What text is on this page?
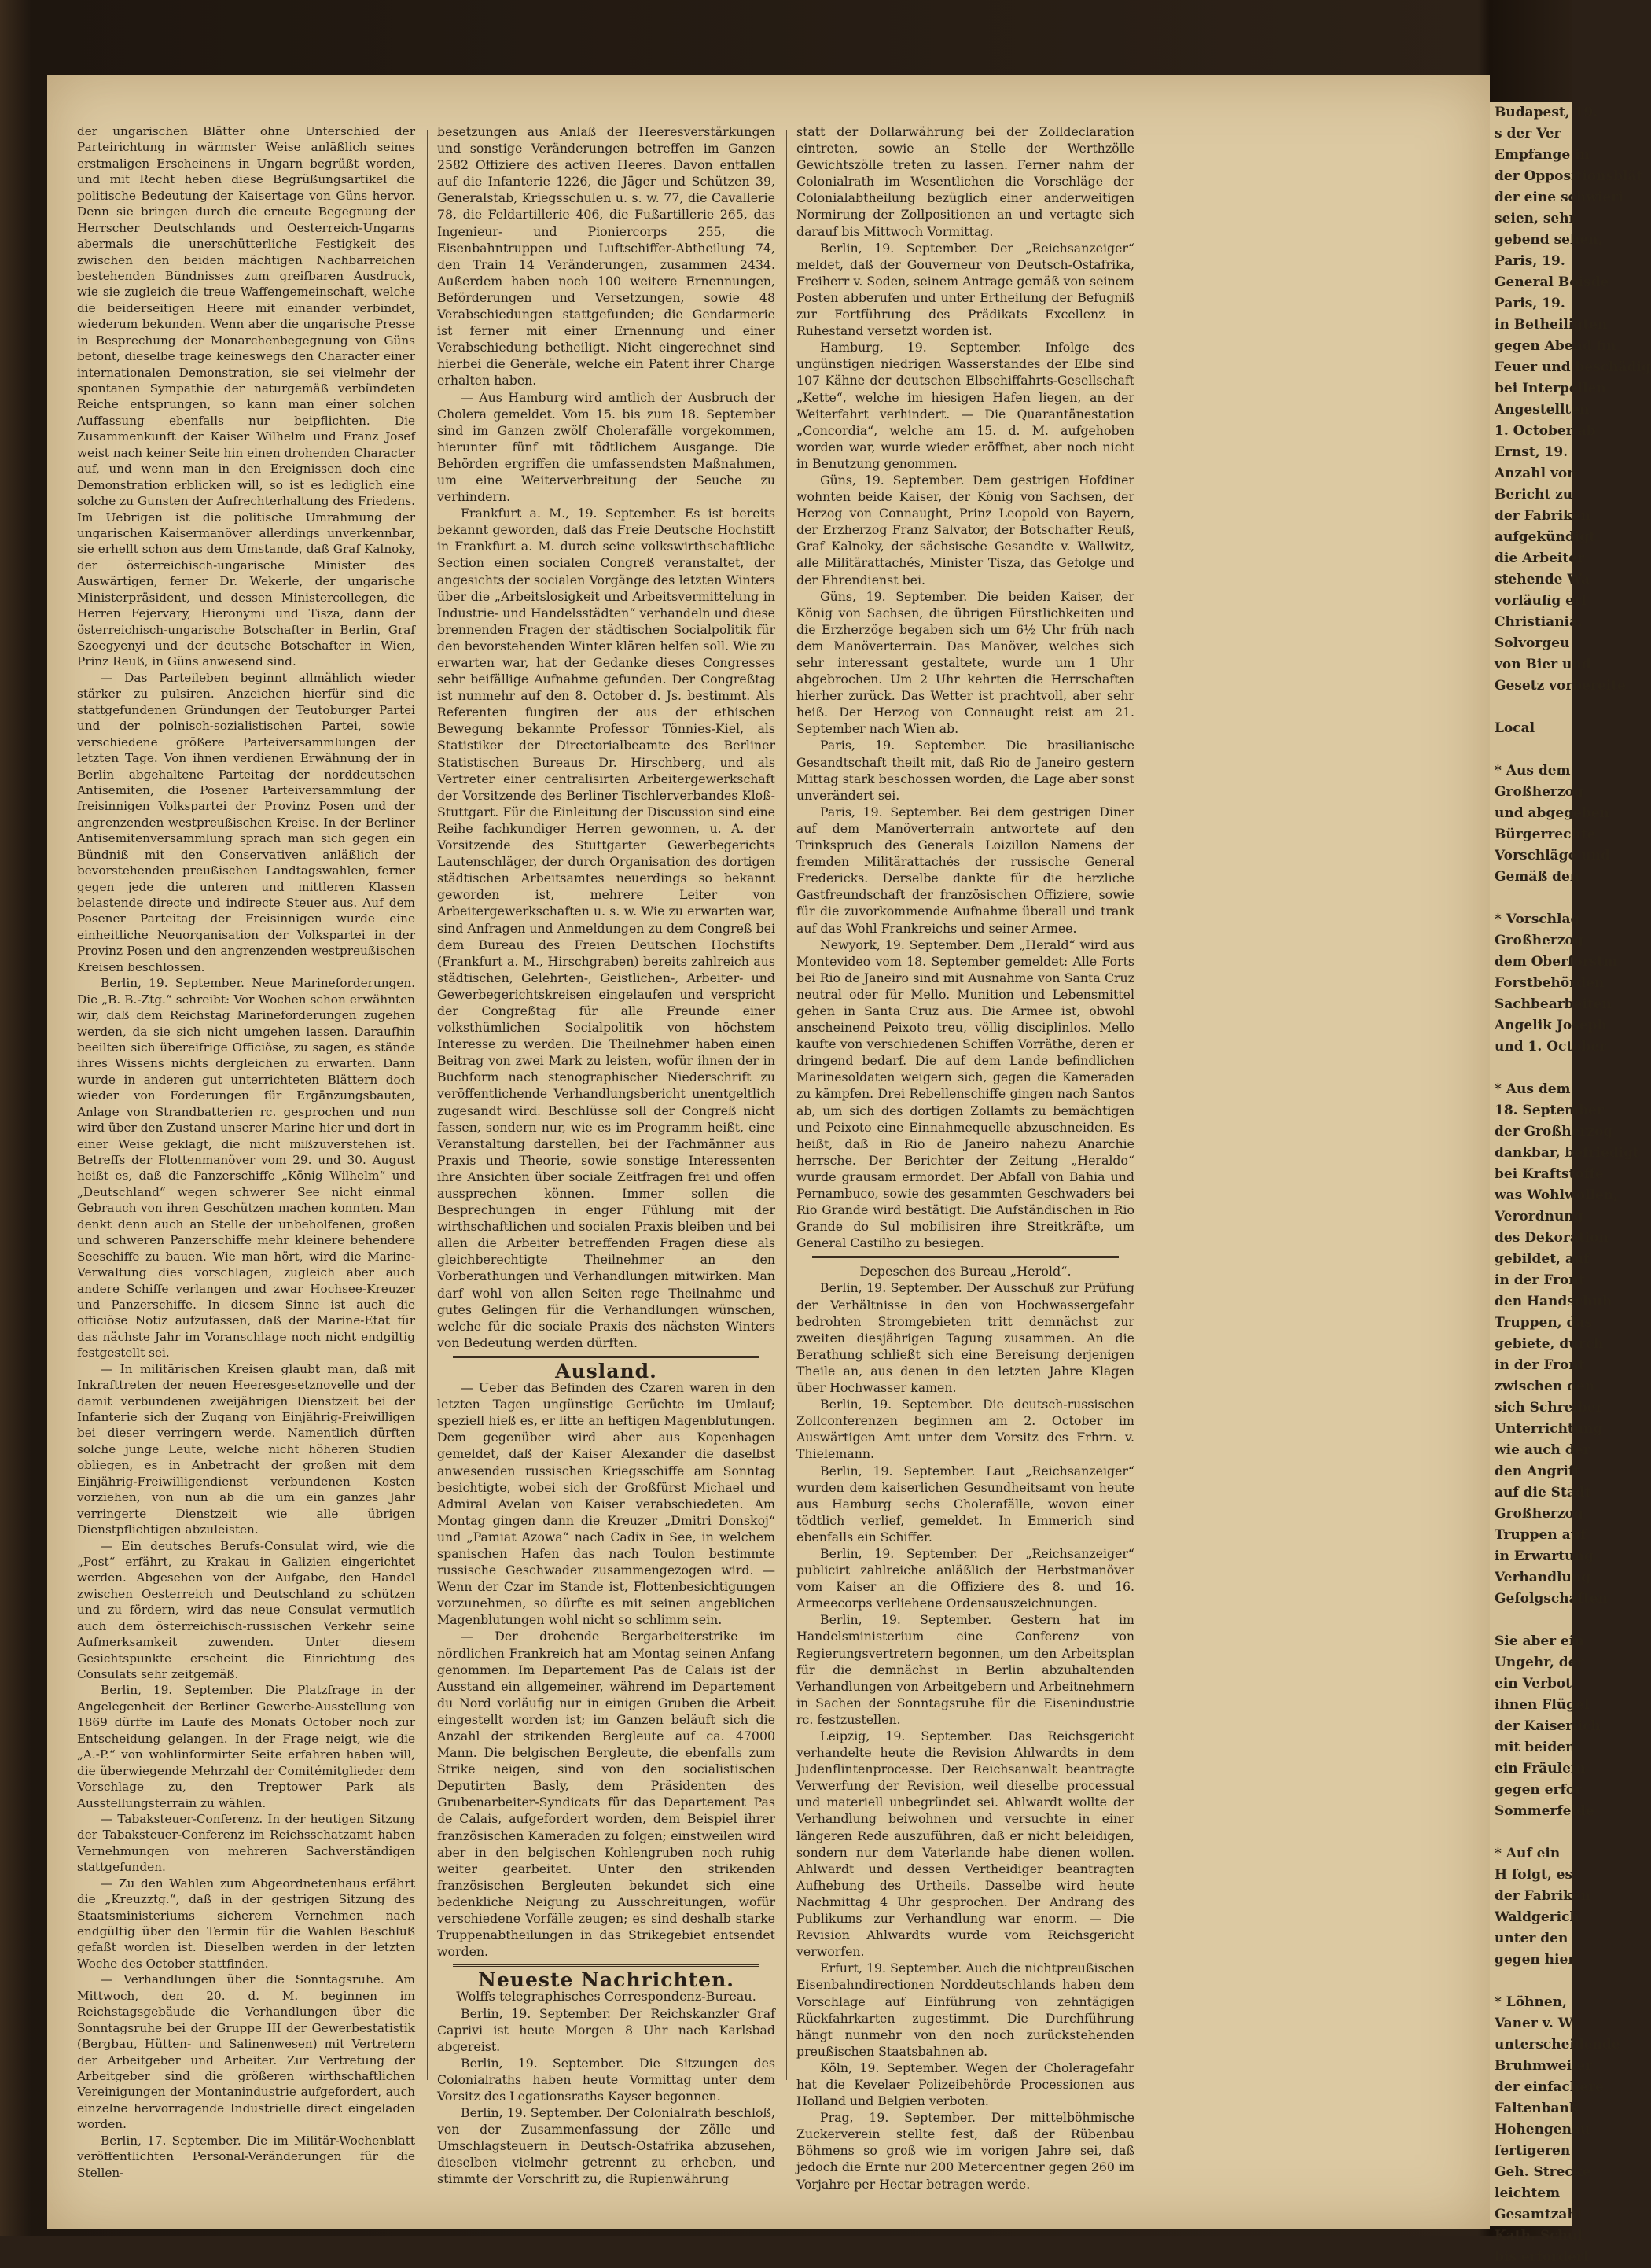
der ungarischen Blätter ohne Unterschied der Parteirichtung in wärmster Weise anläßlich seines erstmaligen Erscheinens in Ungarn begrüßt worden, und mit Recht heben diese Begrüßungsartikel die politische Bedeutung der Kaisertage von Güns hervor. Denn sie bringen durch die erneute Begegnung der Herrscher Deutschlands und Oesterreich-Ungarns abermals die unerschütterliche Festigkeit des zwischen den beiden mächtigen Nachbarreichen bestehenden Bündnisses zum greifbaren Ausdruck, wie sie zugleich die treue Waffengemeinschaft, welche die beiderseitigen Heere mit einander verbindet, wiederum bekunden. Wenn aber die ungarische Presse in Besprechung der Monarchenbegegnung von Güns betont, dieselbe trage keineswegs den Character einer internationalen Demonstration, sie sei vielmehr der spontanen Sympathie der naturgemäß verbündeten Reiche entsprungen, so kann man einer solchen Auffassung ebenfalls nur beipflichten. Die Zusammenkunft der Kaiser Wilhelm und Franz Josef weist nach keiner Seite hin einen drohenden Character auf, und wenn man in den Ereignissen doch eine Demonstration erblicken will, so ist es lediglich eine solche zu Gunsten der Aufrechterhaltung des Friedens. Im Uebrigen ist die politische Umrahmung der ungarischen Kaisermanöver allerdings unverkennbar, sie erhellt schon aus dem Umstande, daß Graf Kalnoky, der österreichisch-ungarische Minister des Auswärtigen, ferner Dr. Wekerle, der ungarische Ministerpräsident, und dessen Ministercollegen, die Herren Fejervary, Hieronymi und Tisza, dann der österreichisch-ungarische Botschafter in Berlin, Graf Szoegyenyi und der deutsche Botschafter in Wien, Prinz Reuß, in Güns anwesend sind.

— Das Parteileben beginnt allmählich wieder stärker zu pulsiren. Anzeichen hierfür sind die stattgefundenen Gründungen der Teutoburger Partei und der polnisch-sozialistischen Partei, sowie verschiedene größere Parteiversammlungen der letzten Tage. Von ihnen verdienen Erwähnung der in Berlin abgehaltene Parteitag der norddeutschen Antisemiten, die Posener Parteiversammlung der freisinnigen Volkspartei der Provinz Posen und der angrenzenden westpreußischen Kreise. In der Berliner Antisemitenversammlung sprach man sich gegen ein Bündniß mit den Conservativen anläßlich der bevorstehenden preußischen Landtagswahlen, ferner gegen jede die unteren und mittleren Klassen belastende directe und indirecte Steuer aus. Auf dem Posener Parteitag der Freisinnigen wurde eine einheitliche Neuorganisation der Volkspartei in der Provinz Posen und den angrenzenden westpreußischen Kreisen beschlossen.

Berlin, 19. September. Neue Marineforderungen. Die „B. B.-Ztg.“ schreibt: Vor Wochen schon erwähnten wir, daß dem Reichstag Marineforderungen zugehen werden, da sie sich nicht umgehen lassen. Daraufhin beeilten sich übereifrige Officiöse, zu sagen, es stände ihres Wissens nichts dergleichen zu erwarten. Dann wurde in anderen gut unterrichteten Blättern doch wieder von Forderungen für Ergänzungsbauten, Anlage von Strandbatterien rc. gesprochen und nun wird über den Zustand unserer Marine hier und dort in einer Weise geklagt, die nicht mißzuverstehen ist. Betreffs der Flottenmanöver vom 29. und 30. August heißt es, daß die Panzerschiffe „König Wilhelm“ und „Deutschland“ wegen schwerer See nicht einmal Gebrauch von ihren Geschützen machen konnten. Man denkt denn auch an Stelle der unbeholfenen, großen und schweren Panzerschiffe mehr kleinere behendere Seeschiffe zu bauen. Wie man hört, wird die Marine-Verwaltung dies vorschlagen, zugleich aber auch andere Schiffe verlangen und zwar Hochsee-Kreuzer und Panzerschiffe. In diesem Sinne ist auch die officiöse Notiz aufzufassen, daß der Marine-Etat für das nächste Jahr im Voranschlage noch nicht endgiltig festgestellt sei.

— In militärischen Kreisen glaubt man, daß mit Inkrafttreten der neuen Heeresgesetznovelle und der damit verbundenen zweijährigen Dienstzeit bei der Infanterie sich der Zugang von Einjährig-Freiwilligen bei dieser verringern werde. Namentlich dürften solche junge Leute, welche nicht höheren Studien obliegen, es in Anbetracht der großen mit dem Einjährig-Freiwilligendienst verbundenen Kosten vorziehen, von nun ab die um ein ganzes Jahr verringerte Dienstzeit wie alle übrigen Dienstpflichtigen abzuleisten.

— Ein deutsches Berufs-Consulat wird, wie die „Post“ erfährt, zu Krakau in Galizien eingerichtet werden. Abgesehen von der Aufgabe, den Handel zwischen Oesterreich und Deutschland zu schützen und zu fördern, wird das neue Consulat vermutlich auch dem österreichisch-russischen Verkehr seine Aufmerksamkeit zuwenden. Unter diesem Gesichtspunkte erscheint die Einrichtung des Consulats sehr zeitgemäß.

Berlin, 19. September. Die Platzfrage in der Angelegenheit der Berliner Gewerbe-Ausstellung von 1869 dürfte im Laufe des Monats October noch zur Entscheidung gelangen. In der Frage neigt, wie die „A.-P.“ von wohlinformirter Seite erfahren haben will, die überwiegende Mehrzahl der Comitémitglieder dem Vorschlage zu, den Treptower Park als Ausstellungsterrain zu wählen.

— Tabaksteuer-Conferenz. In der heutigen Sitzung der Tabaksteuer-Conferenz im Reichsschatzamt haben Vernehmungen von mehreren Sachverständigen stattgefunden.

— Zu den Wahlen zum Abgeordnetenhaus erfährt die „Kreuzztg.“, daß in der gestrigen Sitzung des Staatsministeriums sicherem Vernehmen nach endgültig über den Termin für die Wahlen Beschluß gefaßt worden ist. Dieselben werden in der letzten Woche des October stattfinden.

— Verhandlungen über die Sonntagsruhe. Am Mittwoch, den 20. d. M. beginnen im Reichstagsgebäude die Verhandlungen über die Sonntagsruhe bei der Gruppe III der Gewerbestatistik (Bergbau, Hütten- und Salinenwesen) mit Vertretern der Arbeitgeber und Arbeiter. Zur Vertretung der Arbeitgeber sind die größeren wirthschaftlichen Vereinigungen der Montanindustrie aufgefordert, auch einzelne hervorragende Industrielle direct eingeladen worden.

Berlin, 17. September. Die im Militär-Wochenblatt veröffentlichten Personal-Veränderungen für die Stellen-

besetzungen aus Anlaß der Heeresverstärkungen und sonstige Veränderungen betreffen im Ganzen 2582 Offiziere des activen Heeres. Davon entfallen auf die Infanterie 1226, die Jäger und Schützen 39, Generalstab, Kriegsschulen u. s. w. 77, die Cavallerie 78, die Feldartillerie 406, die Fußartillerie 265, das Ingenieur- und Pioniercorps 255, die Eisenbahntruppen und Luftschiffer-Abtheilung 74, den Train 14 Veränderungen, zusammen 2434. Außerdem haben noch 100 weitere Ernennungen, Beförderungen und Versetzungen, sowie 48 Verabschiedungen stattgefunden; die Gendarmerie ist ferner mit einer Ernennung und einer Verabschiedung betheiligt. Nicht eingerechnet sind hierbei die Generäle, welche ein Patent ihrer Charge erhalten haben.

— Aus Hamburg wird amtlich der Ausbruch der Cholera gemeldet. Vom 15. bis zum 18. September sind im Ganzen zwölf Cholerafälle vorgekommen, hierunter fünf mit tödtlichem Ausgange. Die Behörden ergriffen die umfassendsten Maßnahmen, um eine Weiterverbreitung der Seuche zu verhindern.

Frankfurt a. M., 19. September. Es ist bereits bekannt geworden, daß das Freie Deutsche Hochstift in Frankfurt a. M. durch seine volkswirthschaftliche Section einen socialen Congreß veranstaltet, der angesichts der socialen Vorgänge des letzten Winters über die „Arbeitslosigkeit und Arbeitsvermittelung in Industrie- und Handelsstädten“ verhandeln und diese brennenden Fragen der städtischen Socialpolitik für den bevorstehenden Winter klären helfen soll. Wie zu erwarten war, hat der Gedanke dieses Congresses sehr beifällige Aufnahme gefunden. Der Congreßtag ist nunmehr auf den 8. October d. Js. bestimmt. Als Referenten fungiren der aus der ethischen Bewegung bekannte Professor Tönnies-Kiel, als Statistiker der Directorialbeamte des Berliner Statistischen Bureaus Dr. Hirschberg, und als Vertreter einer centralisirten Arbeitergewerkschaft der Vorsitzende des Berliner Tischlerverbandes Kloß-Stuttgart. Für die Einleitung der Discussion sind eine Reihe fachkundiger Herren gewonnen, u. A. der Vorsitzende des Stuttgarter Gewerbegerichts Lautenschläger, der durch Organisation des dortigen städtischen Arbeitsamtes neuerdings so bekannt geworden ist, mehrere Leiter von Arbeitergewerkschaften u. s. w. Wie zu erwarten war, sind Anfragen und Anmeldungen zu dem Congreß bei dem Bureau des Freien Deutschen Hochstifts (Frankfurt a. M., Hirschgraben) bereits zahlreich aus städtischen, Gelehrten-, Geistlichen-, Arbeiter- und Gewerbegerichtskreisen eingelaufen und verspricht der Congreßtag für alle Freunde einer volksthümlichen Socialpolitik von höchstem Interesse zu werden. Die Theilnehmer haben einen Beitrag von zwei Mark zu leisten, wofür ihnen der in Buchform nach stenographischer Niederschrift zu veröffentlichende Verhandlungsbericht unentgeltlich zugesandt wird. Beschlüsse soll der Congreß nicht fassen, sondern nur, wie es im Programm heißt, eine Veranstaltung darstellen, bei der Fachmänner aus Praxis und Theorie, sowie sonstige Interessenten ihre Ansichten über sociale Zeitfragen frei und offen aussprechen können. Immer sollen die Besprechungen in enger Fühlung mit der wirthschaftlichen und socialen Praxis bleiben und bei allen die Arbeiter betreffenden Fragen diese als gleichberechtigte Theilnehmer an den Vorberathungen und Verhandlungen mitwirken. Man darf wohl von allen Seiten rege Theilnahme und gutes Gelingen für die Verhandlungen wünschen, welche für die sociale Praxis des nächsten Winters von Bedeutung werden dürften.

Ausland.

— Ueber das Befinden des Czaren waren in den letzten Tagen ungünstige Gerüchte im Umlauf; speziell hieß es, er litte an heftigen Magenblutungen. Dem gegenüber wird aber aus Kopenhagen gemeldet, daß der Kaiser Alexander die daselbst anwesenden russischen Kriegsschiffe am Sonntag besichtigte, wobei sich der Großfürst Michael und Admiral Avelan von Kaiser verabschiedeten. Am Montag gingen dann die Kreuzer „Dmitri Donskoj“ und „Pamiat Azowa“ nach Cadix in See, in welchem spanischen Hafen das nach Toulon bestimmte russische Geschwader zusammengezogen wird. — Wenn der Czar im Stande ist, Flottenbesichtigungen vorzunehmen, so dürfte es mit seinen angeblichen Magenblutungen wohl nicht so schlimm sein.

— Der drohende Bergarbeiterstrike im nördlichen Frankreich hat am Montag seinen Anfang genommen. Im Departement Pas de Calais ist der Ausstand ein allgemeiner, während im Departement du Nord vorläufig nur in einigen Gruben die Arbeit eingestellt worden ist; im Ganzen beläuft sich die Anzahl der strikenden Bergleute auf ca. 47000 Mann. Die belgischen Bergleute, die ebenfalls zum Strike neigen, sind von den socialistischen Deputirten Basly, dem Präsidenten des Grubenarbeiter-Syndicats für das Departement Pas de Calais, aufgefordert worden, dem Beispiel ihrer französischen Kameraden zu folgen; einstweilen wird aber in den belgischen Kohlengruben noch ruhig weiter gearbeitet. Unter den strikenden französischen Bergleuten bekundet sich eine bedenkliche Neigung zu Ausschreitungen, wofür verschiedene Vorfälle zeugen; es sind deshalb starke Truppenabtheilungen in das Strikegebiet entsendet worden.

Neueste Nachrichten.

Wolffs telegraphisches Correspondenz-Bureau.

Berlin, 19. September. Der Reichskanzler Graf Caprivi ist heute Morgen 8 Uhr nach Karlsbad abgereist.

Berlin, 19. September. Die Sitzungen des Colonialraths haben heute Vormittag unter dem Vorsitz des Legationsraths Kayser begonnen.

Berlin, 19. September. Der Colonialrath beschloß, von der Zusammenfassung der Zölle und Umschlagsteuern in Deutsch-Ostafrika abzusehen, dieselben vielmehr getrennt zu erheben, und stimmte der Vorschrift zu, die Rupienwährung

statt der Dollarwährung bei der Zolldeclaration eintreten, sowie an Stelle der Werthzölle Gewichtszölle treten zu lassen. Ferner nahm der Colonialrath im Wesentlichen die Vorschläge der Colonialabtheilung bezüglich einer anderweitigen Normirung der Zollpositionen an und vertagte sich darauf bis Mittwoch Vormittag.

Berlin, 19. September. Der „Reichsanzeiger“ meldet, daß der Gouverneur von Deutsch-Ostafrika, Freiherr v. Soden, seinem Antrage gemäß von seinem Posten abberufen und unter Ertheilung der Befugniß zur Fortführung des Prädikats Excellenz in Ruhestand versetzt worden ist.

Hamburg, 19. September. Infolge des ungünstigen niedrigen Wasserstandes der Elbe sind 107 Kähne der deutschen Elbschiffahrts-Gesellschaft „Kette“, welche im hiesigen Hafen liegen, an der Weiterfahrt verhindert. — Die Quarantänestation „Concordia“, welche am 15. d. M. aufgehoben worden war, wurde wieder eröffnet, aber noch nicht in Benutzung genommen.

Güns, 19. September. Dem gestrigen Hofdiner wohnten beide Kaiser, der König von Sachsen, der Herzog von Connaught, Prinz Leopold von Bayern, der Erzherzog Franz Salvator, der Botschafter Reuß, Graf Kalnoky, der sächsische Gesandte v. Wallwitz, alle Militärattachés, Minister Tisza, das Gefolge und der Ehrendienst bei.

Güns, 19. September. Die beiden Kaiser, der König von Sachsen, die übrigen Fürstlichkeiten und die Erzherzöge begaben sich um 6½ Uhr früh nach dem Manöverterrain. Das Manöver, welches sich sehr interessant gestaltete, wurde um 1 Uhr abgebrochen. Um 2 Uhr kehrten die Herrschaften hierher zurück. Das Wetter ist prachtvoll, aber sehr heiß. Der Herzog von Connaught reist am 21. September nach Wien ab.

Paris, 19. September. Die brasilianische Gesandtschaft theilt mit, daß Rio de Janeiro gestern Mittag stark beschossen worden, die Lage aber sonst unverändert sei.

Paris, 19. September. Bei dem gestrigen Diner auf dem Manöverterrain antwortete auf den Trinkspruch des Generals Loizillon Namens der fremden Militärattachés der russische General Fredericks. Derselbe dankte für die herzliche Gastfreundschaft der französischen Offiziere, sowie für die zuvorkommende Aufnahme überall und trank auf das Wohl Frankreichs und seiner Armee.

Newyork, 19. September. Dem „Herald“ wird aus Montevideo vom 18. September gemeldet: Alle Forts bei Rio de Janeiro sind mit Ausnahme von Santa Cruz neutral oder für Mello. Munition und Lebensmittel gehen in Santa Cruz aus. Die Armee ist, obwohl anscheinend Peixoto treu, völlig disciplinlos. Mello kaufte von verschiedenen Schiffen Vorräthe, deren er dringend bedarf. Die auf dem Lande befindlichen Marinesoldaten weigern sich, gegen die Kameraden zu kämpfen. Drei Rebellenschiffe gingen nach Santos ab, um sich des dortigen Zollamts zu bemächtigen und Peixoto eine Einnahmequelle abzuschneiden. Es heißt, daß in Rio de Janeiro nahezu Anarchie herrsche. Der Berichter der Zeitung „Heraldo“ wurde grausam ermordet. Der Abfall von Bahia und Pernambuco, sowie des gesammten Geschwaders bei Rio Grande wird bestätigt. Die Aufständischen in Rio Grande do Sul mobilisiren ihre Streitkräfte, um General Castilho zu besiegen.

Depeschen des Bureau „Herold“.

Berlin, 19. September. Der Ausschuß zur Prüfung der Verhältnisse in den von Hochwassergefahr bedrohten Stromgebieten tritt demnächst zur zweiten diesjährigen Tagung zusammen. An die Berathung schließt sich eine Bereisung derjenigen Theile an, aus denen in den letzten Jahre Klagen über Hochwasser kamen.

Berlin, 19. September. Die deutsch-russischen Zollconferenzen beginnen am 2. October im Auswärtigen Amt unter dem Vorsitz des Frhrn. v. Thielemann.

Berlin, 19. September. Laut „Reichsanzeiger“ wurden dem kaiserlichen Gesundheitsamt von heute aus Hamburg sechs Cholerafälle, wovon einer tödtlich verlief, gemeldet. In Emmerich sind ebenfalls ein Schiffer.

Berlin, 19. September. Der „Reichsanzeiger“ publicirt zahlreiche anläßlich der Herbstmanöver vom Kaiser an die Offiziere des 8. und 16. Armeecorps verliehene Ordensauszeichnungen.

Berlin, 19. September. Gestern hat im Handelsministerium eine Conferenz von Regierungsvertretern begonnen, um den Arbeitsplan für die demnächst in Berlin abzuhaltenden Verhandlungen von Arbeitgebern und Arbeitnehmern in Sachen der Sonntagsruhe für die Eisenindustrie rc. festzustellen.

Leipzig, 19. September. Das Reichsgericht verhandelte heute die Revision Ahlwardts in dem Judenflintenprocesse. Der Reichsanwalt beantragte Verwerfung der Revision, weil dieselbe processual und materiell unbegründet sei. Ahlwardt wollte der Verhandlung beiwohnen und versuchte in einer längeren Rede auszuführen, daß er nicht beleidigen, sondern nur dem Vaterlande habe dienen wollen. Ahlwardt und dessen Vertheidiger beantragten Aufhebung des Urtheils. Dasselbe wird heute Nachmittag 4 Uhr gesprochen. Der Andrang des Publikums zur Verhandlung war enorm. — Die Revision Ahlwardts wurde vom Reichsgericht verworfen.

Erfurt, 19. September. Auch die nichtpreußischen Eisenbahndirectionen Norddeutschlands haben dem Vorschlage auf Einführung von zehntägigen Rückfahrkarten zugestimmt. Die Durchführung hängt nunmehr von den noch zurückstehenden preußischen Staatsbahnen ab.

Köln, 19. September. Wegen der Choleragefahr hat die Kevelaer Polizeibehörde Processionen aus Holland und Belgien verboten.

Prag, 19. September. Der mittelböhmische Zuckerverein stellte fest, daß der Rübenbau Böhmens so groß wie im vorigen Jahre sei, daß jedoch die Ernte nur 200 Metercentner gegen 260 im Vorjahre per Hectar betragen werde.

Budapest, 19.

s der Ver

Empfange in

der Oppositionsblät

der eine schwieri

seien, sehr

gebend sehen,

Paris, 19.

General Boisde

Paris, 19.

in Betheiligten

gegen Abend fin

Feuer und beschädig

bei Interpellen

Angestellten

1. October ab

Ernst, 19.

Anzahl von

Bericht zu

der Fabriken

aufgekündigt

die Arbeiter

stehende Wa

vorläufig erf

Christiania,

Solvorgeu

von Bier und

Gesetz vorbereite

Local

* Aus dem

Großherzog

und abgegeben

Bürgerrechte

Vorschläge und

Gemäß den

* Vorschlag

Großherzog

dem Oberforstm

Forstbehörden

Sachbearbeiten

Angelik Joseph

und 1. October

* Aus dem

18. September

der Großherzog

dankbar, befriedigt

bei Kraftstoffe

was Wohlwollen,

Verordnung

des Dekoration

gebildet, auf

in der Front

den Handschuh

Truppen, das

gebiete, durch

in der Front

zwischen den

sich Schreiber

Unterrichtung

wie auch der

den Angriff

auf die Stadt

Großherzog

Truppen auf

in Erwartung

Verhandlung

Gefolgschaften

Sie aber ein

Ungehr, der

ein Verbot

ihnen Flügel

der Kaiserlich

mit beiden

ein Fräulein

gegen erfor

Sommerfelde

* Auf ein

H folgt, es

der Fabriken

Waldgerich

unter den

gegen hier

* Löhnen,

Vaner v. W.

unterscheidende

Bruhmweiler

der einfachere

Faltenbank

Hohengenau

fertigeren

Geh. Strecke

leichtem

Gesamtzahl

Kath. Schul

bis erforderl
